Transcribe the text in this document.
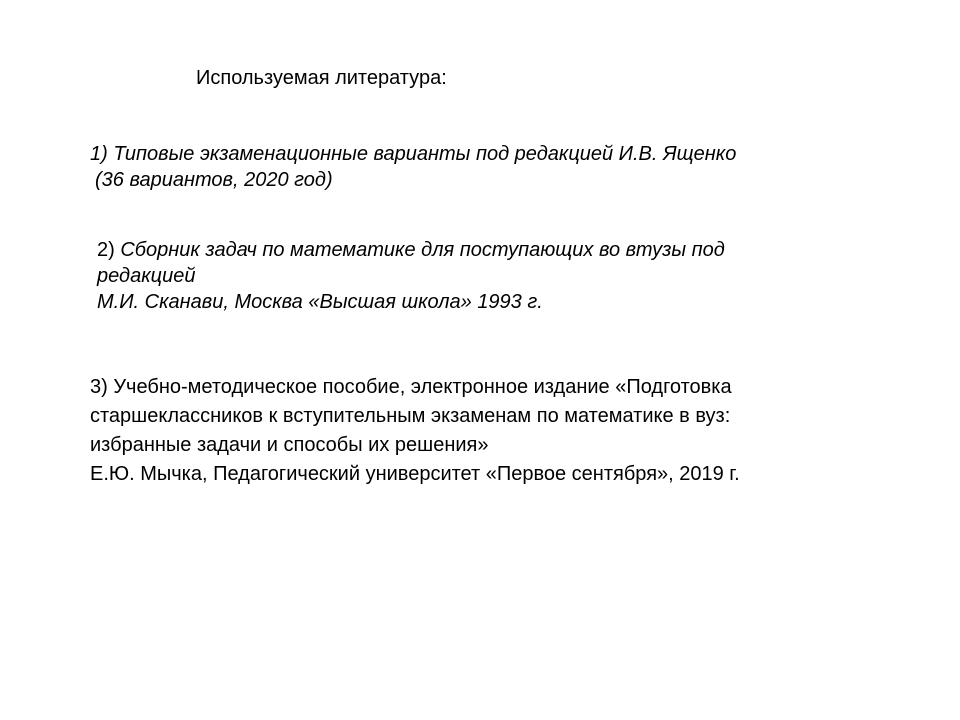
Используемая литература:
1) Типовые экзаменационные варианты под редакцией И.В. Ященко
(36 вариантов, 2020 год)
2) Сборник задач по математике для поступающих во втузы под
редакцией
М.И. Сканави, Москва «Высшая школа» 1993 г.
3) Учебно-методическое пособие, электронное издание «Подготовка
старшеклассников к вступительным экзаменам по математике в вуз:
избранные задачи и способы их решения»
Е.Ю. Мычка, Педагогический университет «Первое сентября», 2019 г.
